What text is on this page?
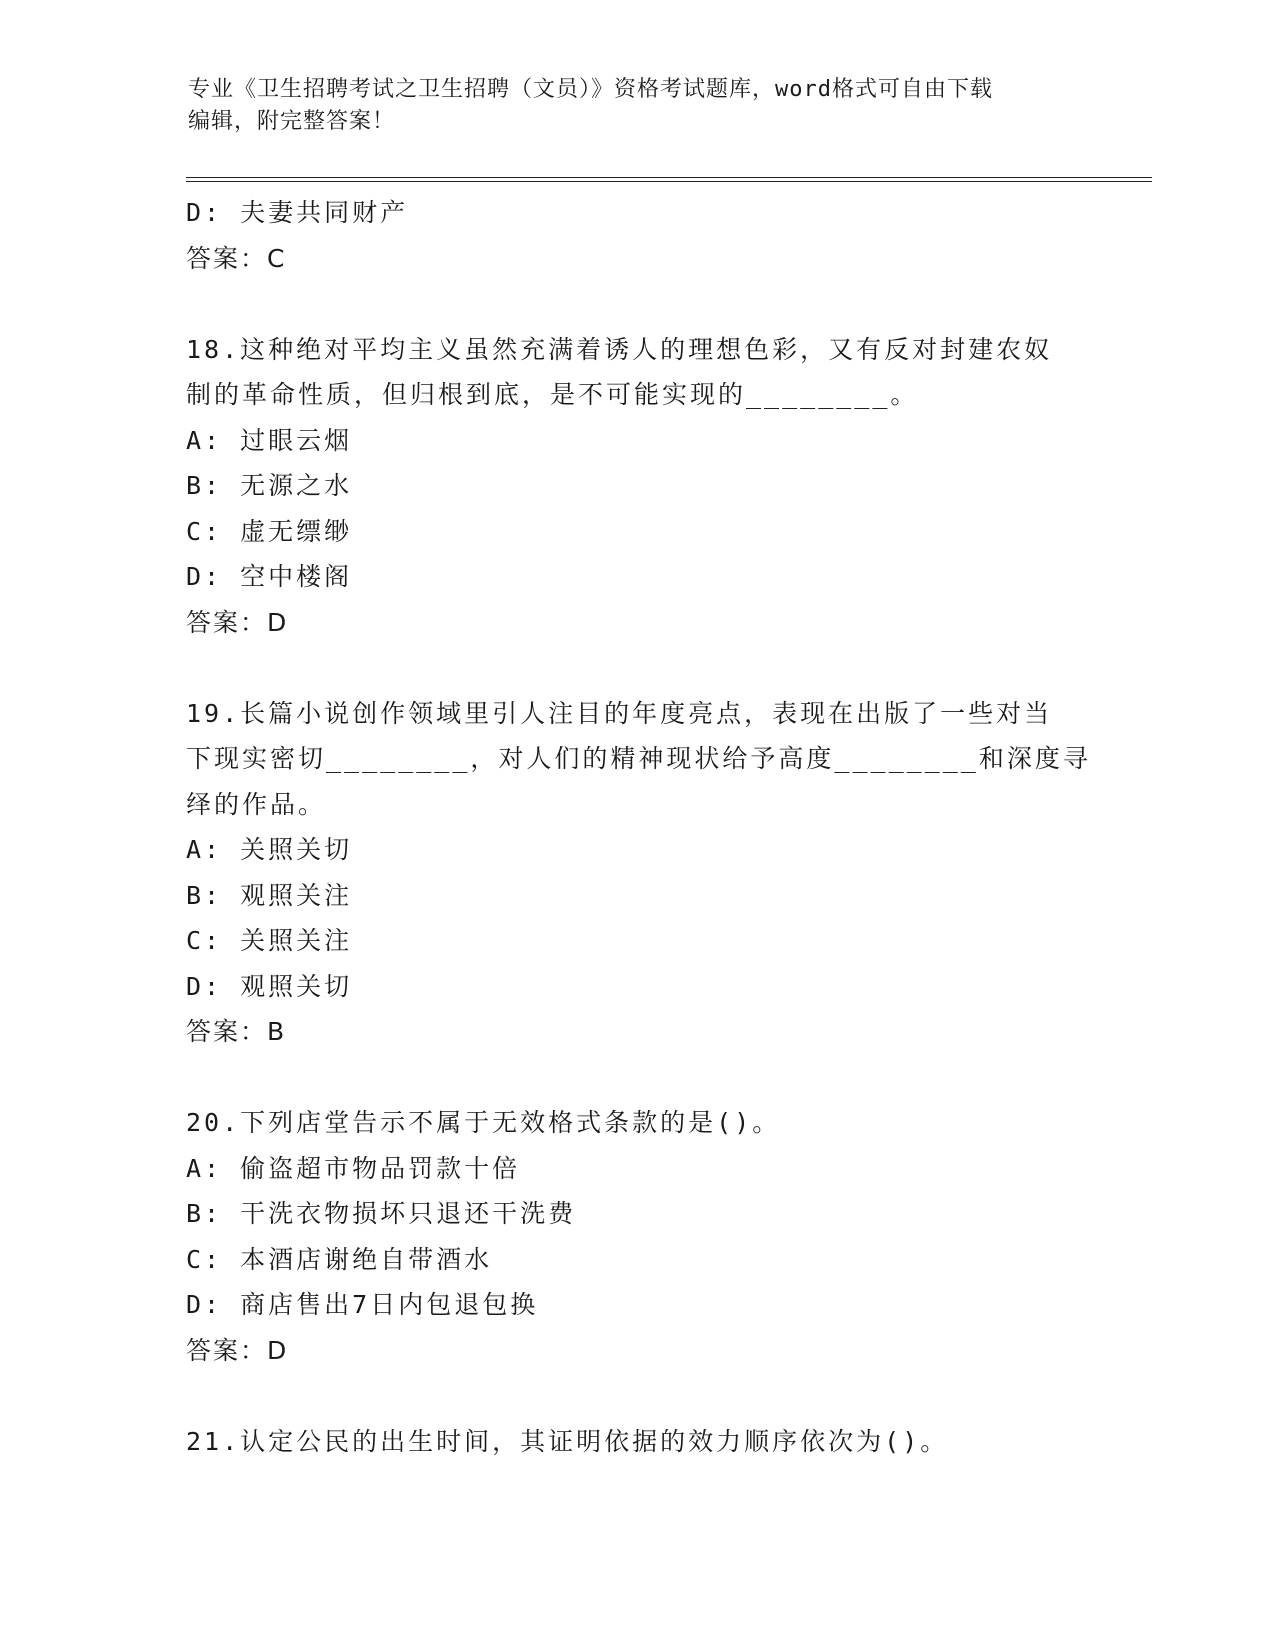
专业《卫生招聘考试之卫生招聘（文员）》资格考试题库，word格式可自由下载
编辑，附完整答案！
D: 夫妻共同财产
答案：C
18.这种绝对平均主义虽然充满着诱人的理想色彩，又有反对封建农奴
制的革命性质，但归根到底，是不可能实现的________。
A: 过眼云烟
B: 无源之水
C: 虚无缥缈
D: 空中楼阁
答案：D
19.长篇小说创作领域里引人注目的年度亮点，表现在出版了一些对当
下现实密切________，对人们的精神现状给予高度________和深度寻
绎的作品。
A: 关照关切
B: 观照关注
C: 关照关注
D: 观照关切
答案：B
20.下列店堂告示不属于无效格式条款的是()。
A: 偷盗超市物品罚款十倍
B: 干洗衣物损坏只退还干洗费
C: 本酒店谢绝自带酒水
D: 商店售出7日内包退包换
答案：D
21.认定公民的出生时间，其证明依据的效力顺序依次为()。
